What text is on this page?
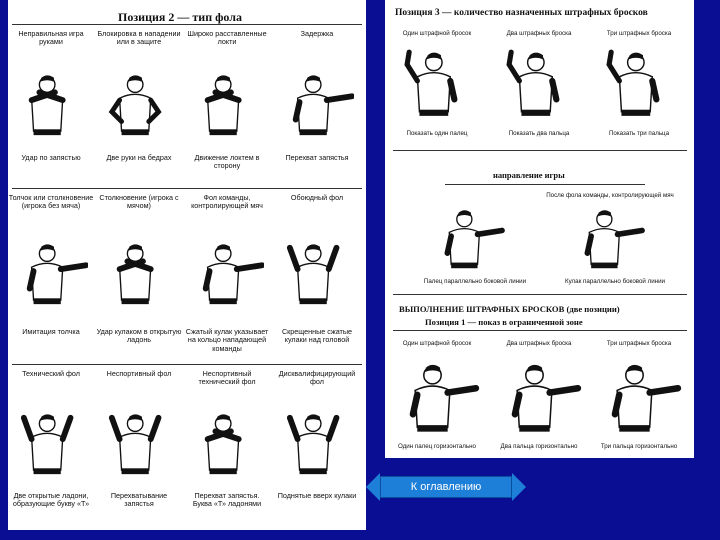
Позиция 2 — тип фола
Неправильная игра руками
Удар по запястью
Блокировка в нападении или в защите
Две руки на бедрах
Широко расставленные локти
Движение локтем в сторону
Задержка
Перехват запястья
Толчок или столкновение (игрока без мяча)
Имитация толчка
Столкновение (игрока с мячом)
Удар кулаком в открытую ладонь
Фол команды, контролирующей мяч
Сжатый кулак указывает на кольцо нападающей команды
Обоюдный фол
Скрещенные сжатые кулаки над головой
Технический фол
Две открытые ладони, образующие букву «Т»
Неспортивный фол
Перехватывание запястья
Неспортивный технический фол
Перехват запястья. Буква «Т» ладонями
Дисквалифицирующий фол
Поднятые вверх кулаки
Позиция 3 — количество назначенных штрафных бросков
Один штрафной бросок
Показать один палец
Два штрафных броска
Показать два пальца
Три штрафных броска
Показать три пальца
направление игры
После фола команды, контролирующей мяч
Палец параллельно боковой линии	Кулак параллельно боковой линии
ВЫПОЛНЕНИЕ ШТРАФНЫХ БРОСКОВ (две позиции)
Позиция 1 — показ в ограниченной зоне
Один штрафной бросок
Один палец горизонтально
Два штрафных броска
Два пальца горизонтально
Три штрафных броска
Три пальца горизонтально
К оглавлению
